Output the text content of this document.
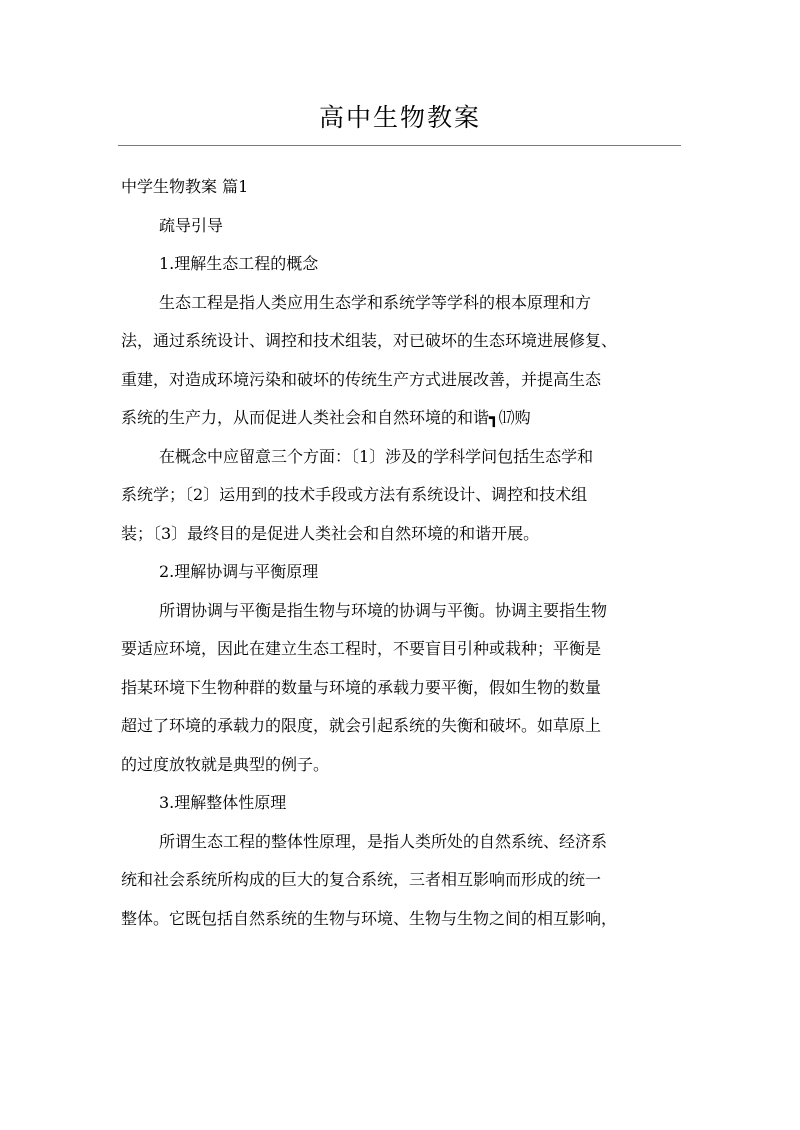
高中生物教案
中学生物教案 篇1
疏导引导
1.理解生态工程的概念
生态工程是指人类应用生态学和系统学等学科的根本原理和方
法，通过系统设计、调控和技术组装，对已破坏的生态环境进展修复、
重建，对造成环境污染和破坏的传统生产方式进展改善，并提高生态
系统的生产力，从而促进人类社会和自然环境的和谐┓⒄购
在概念中应留意三个方面：〔1〕涉及的学科学问包括生态学和
系统学；〔2〕运用到的技术手段或方法有系统设计、调控和技术组
装；〔3〕最终目的是促进人类社会和自然环境的和谐开展。
2.理解协调与平衡原理
所谓协调与平衡是指生物与环境的协调与平衡。协调主要指生物
要适应环境，因此在建立生态工程时，不要盲目引种或栽种；平衡是
指某环境下生物种群的数量与环境的承载力要平衡，假如生物的数量
超过了环境的承载力的限度，就会引起系统的失衡和破坏。如草原上
的过度放牧就是典型的例子。
3.理解整体性原理
所谓生态工程的整体性原理，是指人类所处的自然系统、经济系
统和社会系统所构成的巨大的复合系统，三者相互影响而形成的统一
整体。它既包括自然系统的生物与环境、生物与生物之间的相互影响，
